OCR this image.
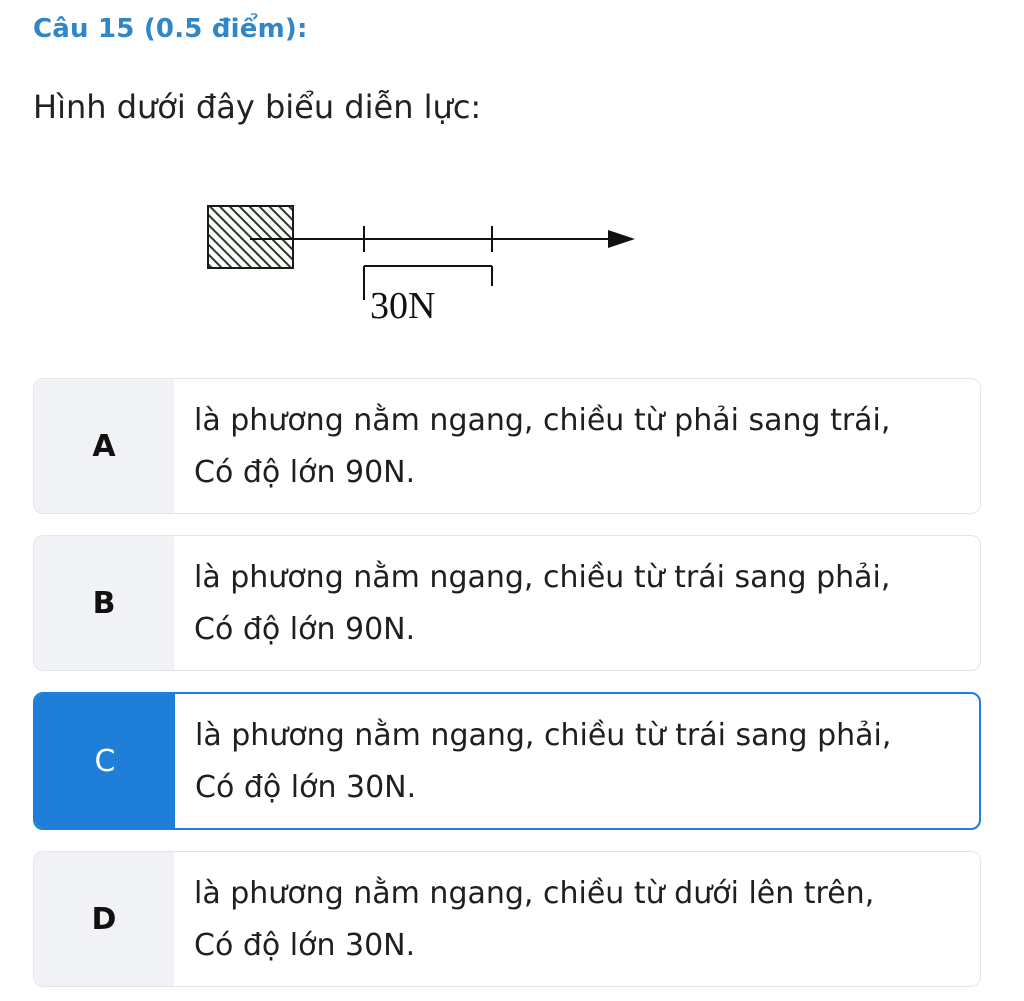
Câu 15 (0.5 điểm):
Hình dưới đây biểu diễn lực:
30N
A
là phương nằm ngang, chiều từ phải sang trái,
Có độ lớn 90N.
B
là phương nằm ngang, chiều từ trái sang phải,
Có độ lớn 90N.
C
là phương nằm ngang, chiều từ trái sang phải,
Có độ lớn 30N.
D
là phương nằm ngang, chiều từ dưới lên trên,
Có độ lớn 30N.
